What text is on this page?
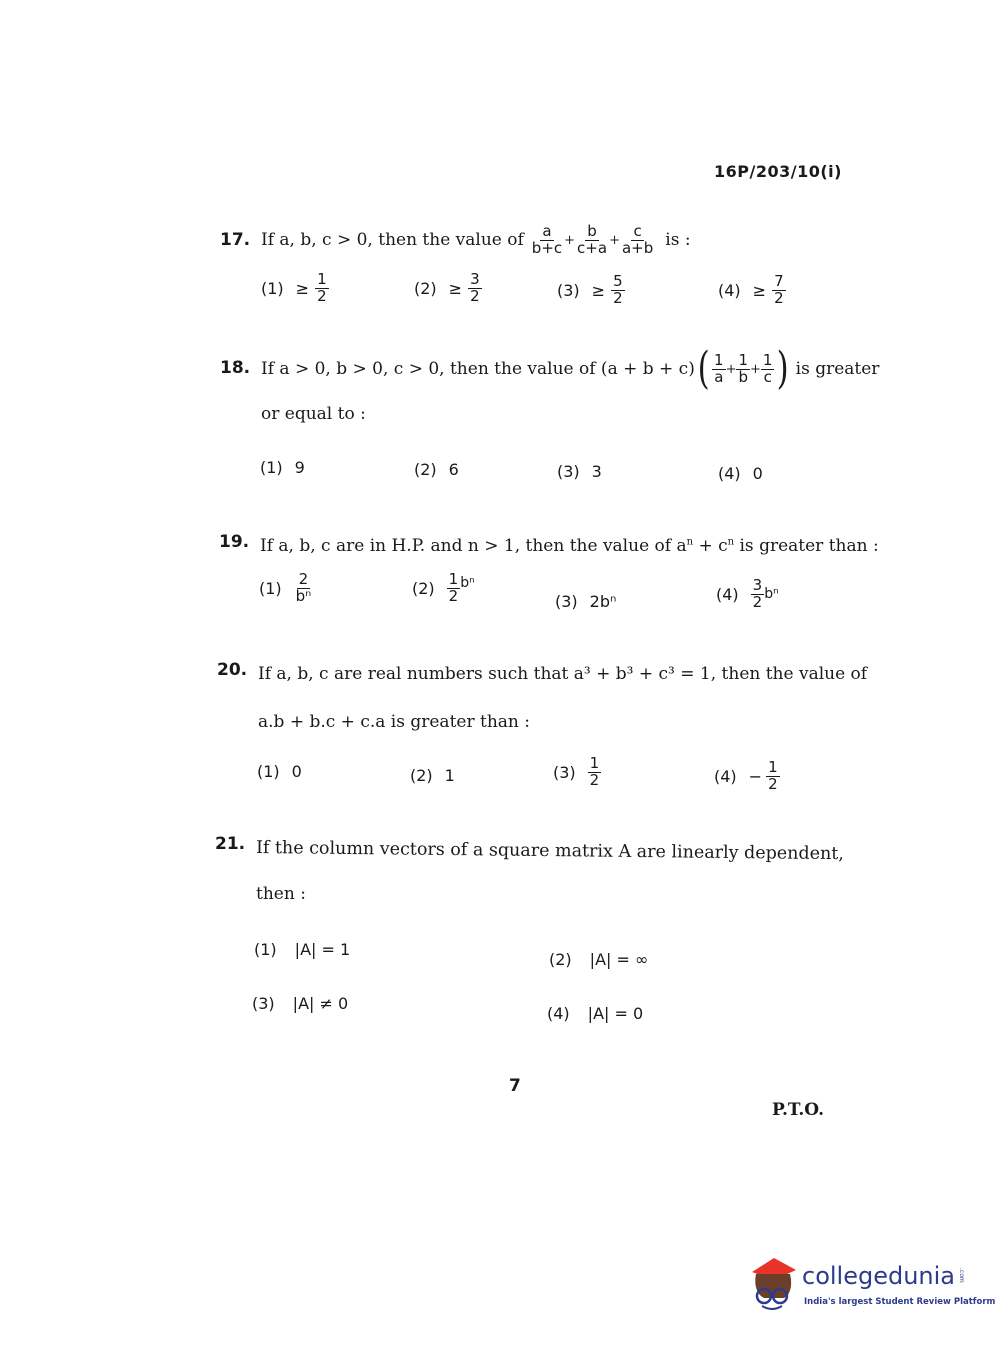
16P/203/10(i)
17. If a, b, c > 0, then the value of $\frac{a}{b+c} + \frac{b}{c+a} + \frac{c}{a+b}$ is :
$(1) \ge \frac{1}{2}$	$(2) \ge \frac{3}{2}$	$(3) \ge \frac{5}{2}$	$(4) \ge \frac{7}{2}$
18. If a > 0, b > 0, c > 0, then the value of (a + b + c) ( $\frac{1}{a} + \frac{1}{b} + \frac{1}{c}$ ) is greater
or equal to :
(1) 9	(2) 6	(3) 3	(4) 0
19. If a, b, c are in H.P. and n > 1, then the value of $a^n + c^n$ is greater than :
$(1) \frac{2}{\text{bⁿ}}$	$(2) \frac{1}{2}$ bⁿ
(3) 2bⁿ	$(4) \frac{3}{2}$ bⁿ
20. If a, b, c are real numbers such that a³ + b³ + c³ = 1, then the value of
a.b + b.c + c.a is greater than :
(1) 0	(2) 1	$(3) \frac{1}{2}$	$(4) - \frac{1}{2}$
21. If the column vectors of a square matrix A are linearly dependent,
then :
(1) |A| = 1
(2) |A| = ∞
(3) |A| ≠ 0
(4) |A| = 0
7
P.T.O.
collegedunia .com
India's largest Student Review Platform
